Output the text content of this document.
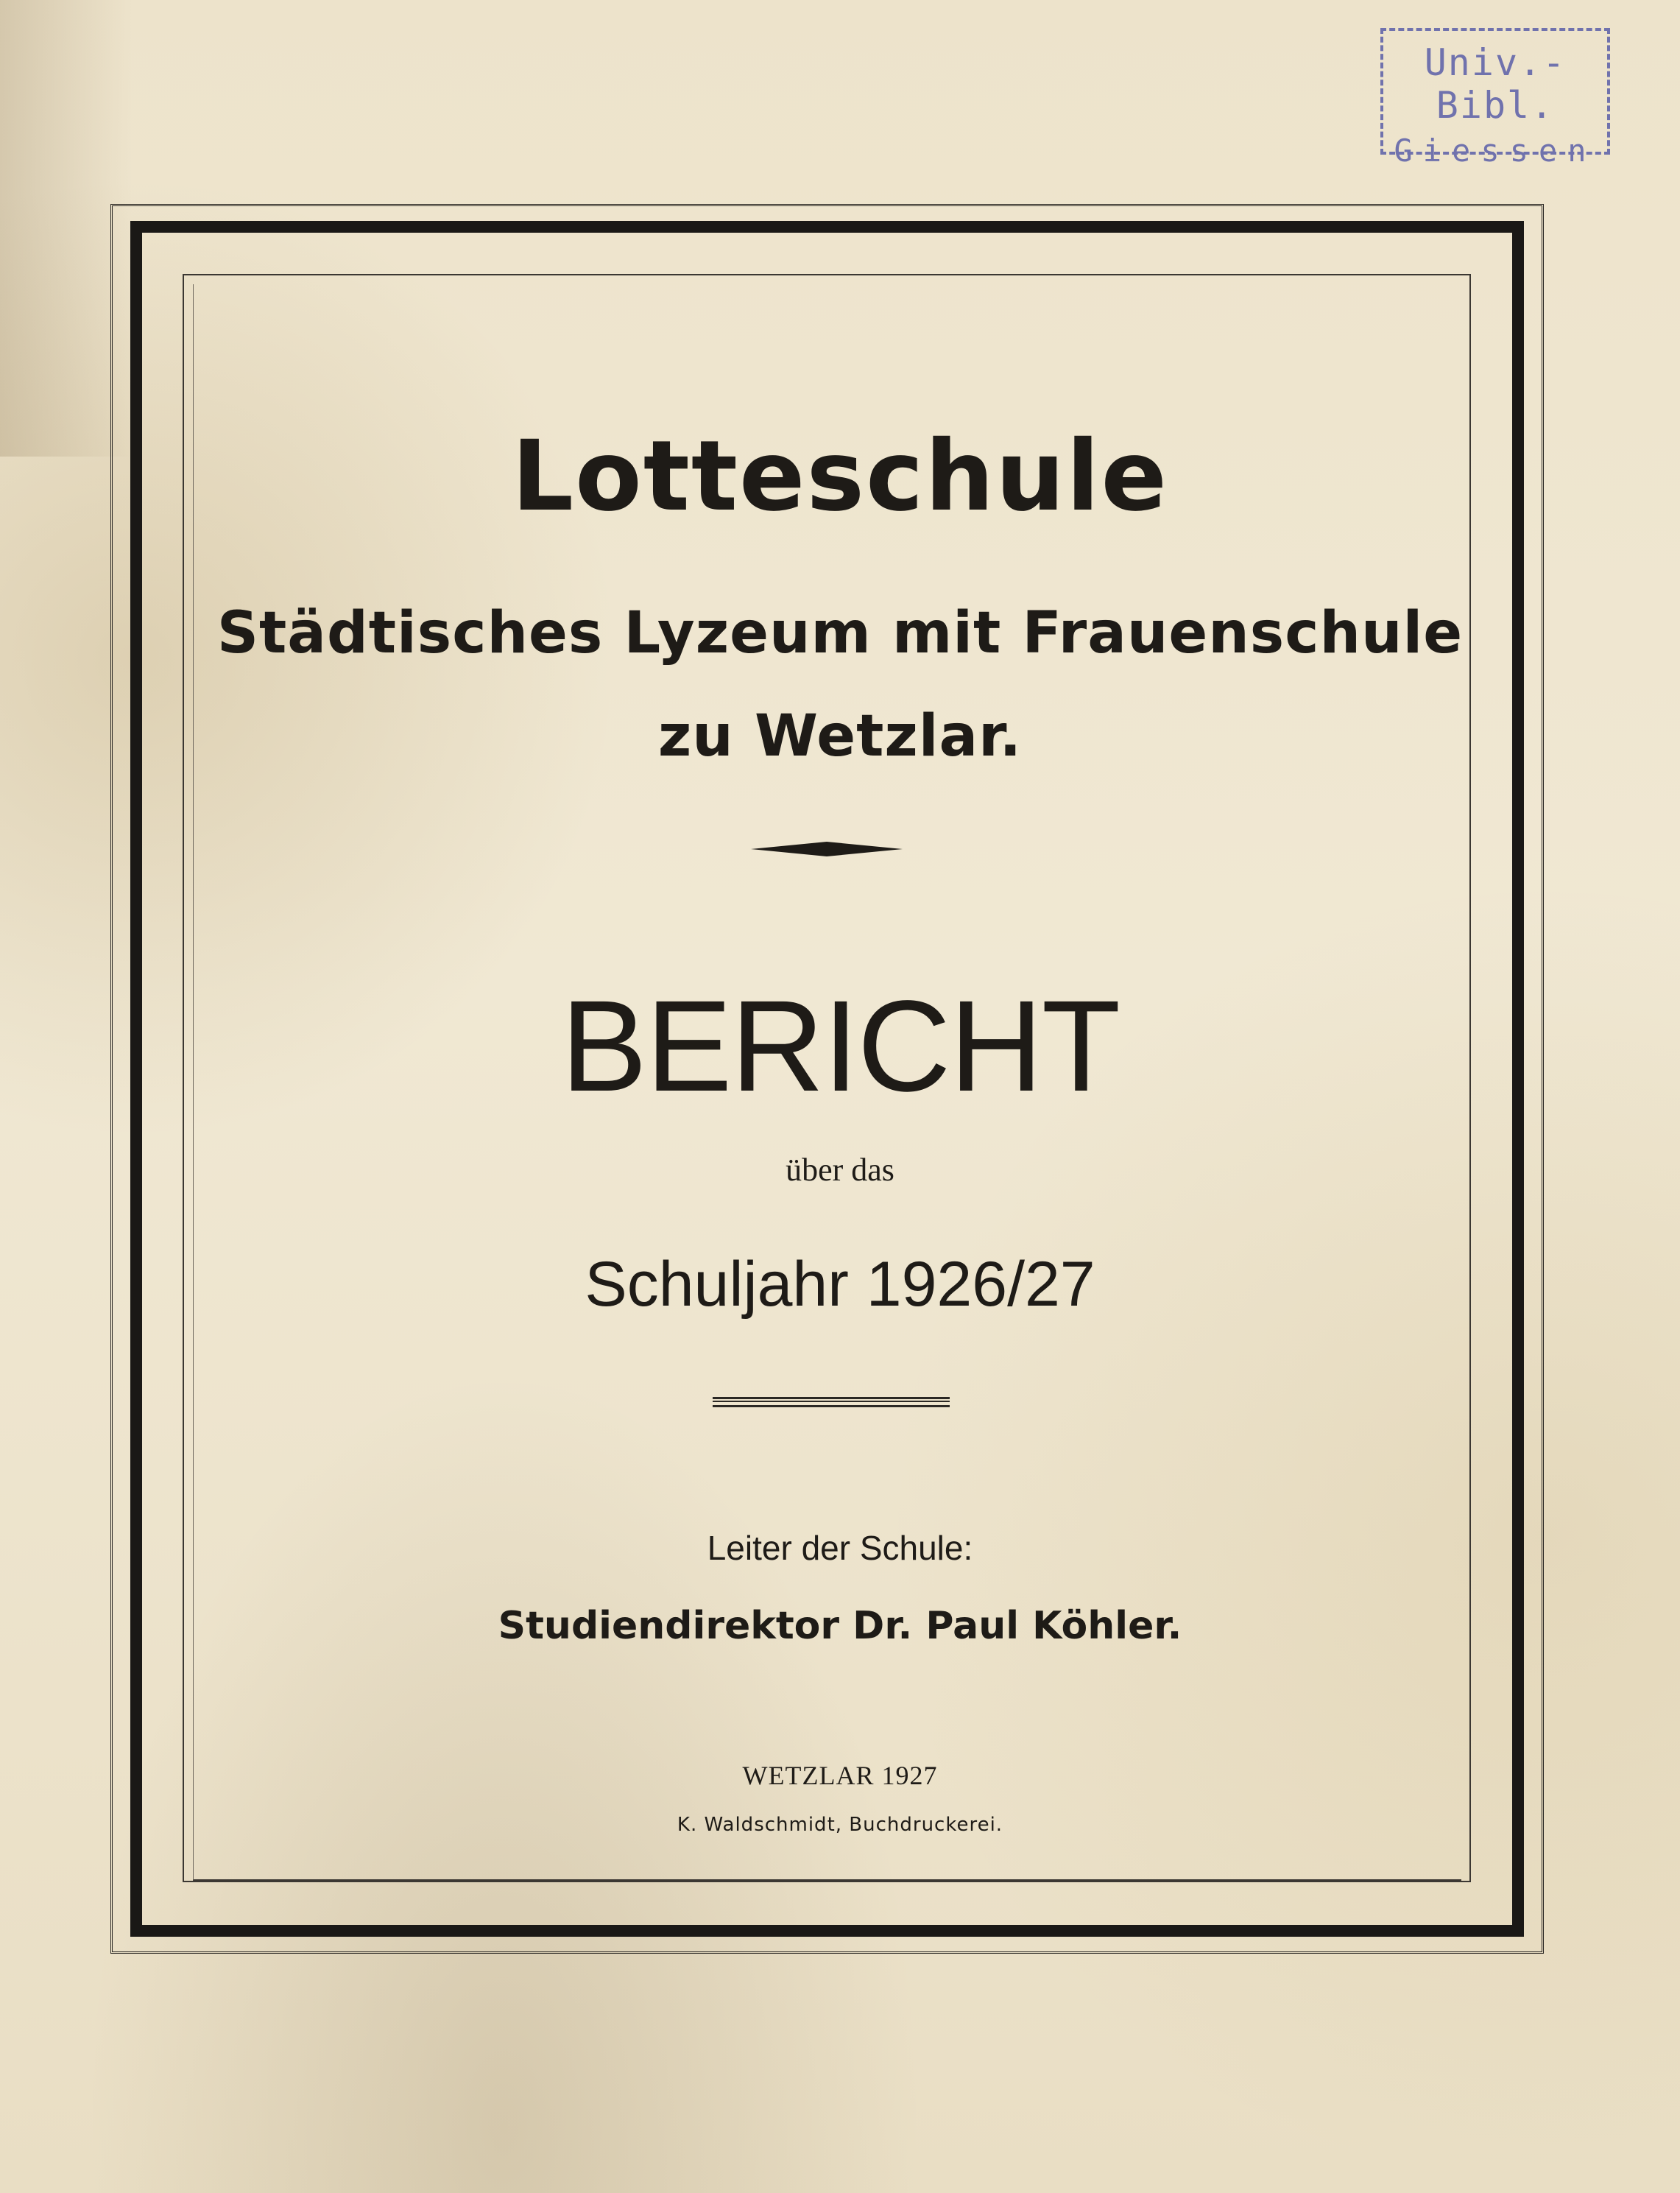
Univ.-Bibl.
Giessen
Lotteschule
Städtisches Lyzeum mit Frauenschule
zu Wetzlar.
BERICHT
über das
Schuljahr 1926/27
Leiter der Schule:
Studiendirektor Dr. Paul Köhler.
WETZLAR 1927
K. Waldschmidt, Buchdruckerei.
